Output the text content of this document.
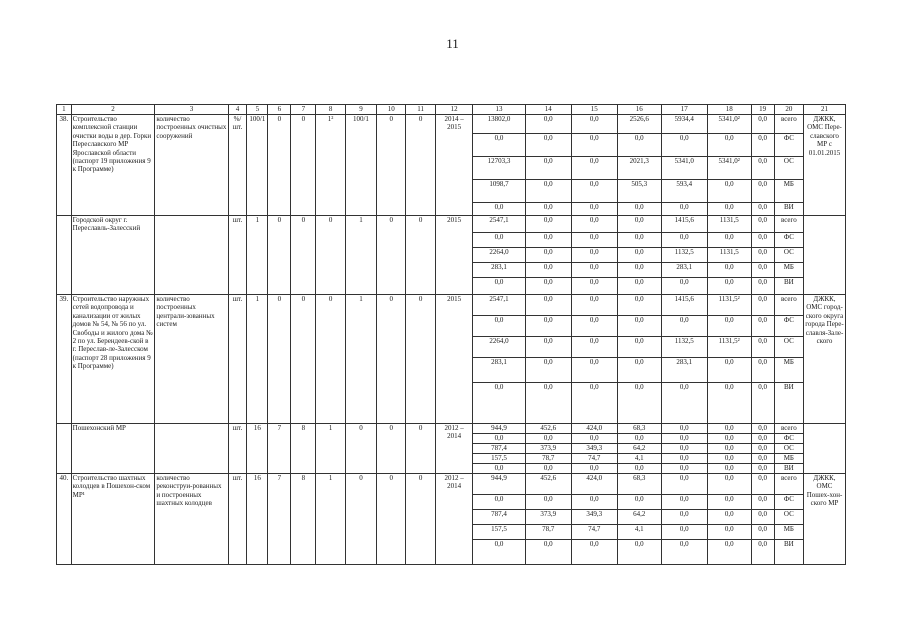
11
1	2	3	4	5	6	7	8	9	10	11	12	13	14	15	16	17	18	19	20	21
38.	Строительство комплексной станции очистки воды в дер. Горки Переславского МР Ярославской области (паспорт 19 приложения 9 к Программе)	количество построенных очистных сооружений	%/ шт.	100/1	0	0	1²	100/1	0	0	2014 – 2015	13802,0	0,0	0,0	2526,6	5934,4	5341,0²	0,0	всего	ДЖКК, ОМС Пере-славского МР с 01.01.2015
												0,0	0,0	0,0	0,0	0,0	0,0	0,0	ФС	
												12703,3	0,0	0,0	2021,3	5341,0	5341,0²	0,0	ОС	
												1098,7	0,0	0,0	505,3	593,4	0,0	0,0	МБ	
												0,0	0,0	0,0	0,0	0,0	0,0	0,0	ВИ	
	Городской округ г. Переславль-Залесский		шт.	1	0	0	0	1	0	0	2015	2547,1	0,0	0,0	0,0	1415,6	1131,5	0,0	всего	
												0,0	0,0	0,0	0,0	0,0	0,0	0,0	ФС	
												2264,0	0,0	0,0	0,0	1132,5	1131,5	0,0	ОС	
												283,1	0,0	0,0	0,0	283,1	0,0	0,0	МБ	
												0,0	0,0	0,0	0,0	0,0	0,0	0,0	ВИ	
39.	Строительство наружных сетей водопровода и канализации от жилых домов № 54, № 56 по ул. Свободы и жилого дома № 2 по ул. Берендеев-ской в г. Переслав-ле-Залесском (паспорт 28 приложения 9 к Программе)	количество построенных централи-зованных систем	шт.	1	0	0	0	1	0	0	2015	2547,1	0,0	0,0	0,0	1415,6	1131,5²	0,0	всего	ДЖКК, ОМС город-ского округа города Пере-славля-Зале-ского
												0,0	0,0	0,0	0,0	0,0	0,0	0,0	ФС	
												2264,0	0,0	0,0	0,0	1132,5	1131,5²	0,0	ОС	
												283,1	0,0	0,0	0,0	283,1	0,0	0,0	МБ	
												0,0	0,0	0,0	0,0	0,0	0,0	0,0	ВИ	
	Пошехонский МР		шт.	16	7	8	1	0	0	0	2012 – 2014	944,9	452,6	424,0	68,3	0,0	0,0	0,0	всего	
												0,0	0,0	0,0	0,0	0,0	0,0	0,0	ФС	
												787,4	373,9	349,3	64,2	0,0	0,0	0,0	ОС	
												157,5	78,7	74,7	4,1	0,0	0,0	0,0	МБ	
												0,0	0,0	0,0	0,0	0,0	0,0	0,0	ВИ	
40.	Строительство шахтных колодцев в Пошехон-ском МР¹	количество реконструи-рованных и построенных шахтных колодцев	шт.	16	7	8	1	0	0	0	2012 – 2014	944,9	452,6	424,0	68,3	0,0	0,0	0,0	всего	ДЖКК, ОМС Пошех-хон-ского МР
												0,0	0,0	0,0	0,0	0,0	0,0	0,0	ФС	
												787,4	373,9	349,3	64,2	0,0	0,0	0,0	ОС	
												157,5	78,7	74,7	4,1	0,0	0,0	0,0	МБ	
												0,0	0,0	0,0	0,0	0,0	0,0	0,0	ВИ	
